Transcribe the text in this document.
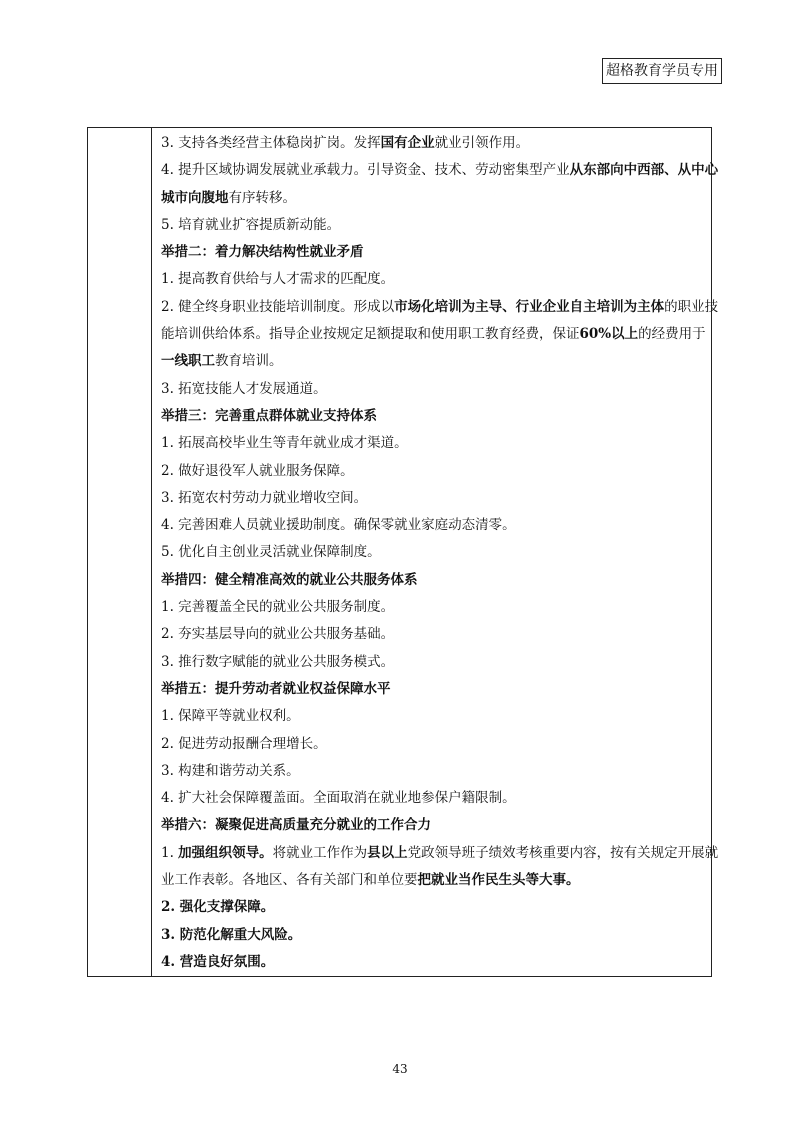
超格教育学员专用
3. 支持各类经营主体稳岗扩岗。发挥国有企业就业引领作用。
4. 提升区域协调发展就业承载力。引导资金、技术、劳动密集型产业从东部向中西部、从中心
城市向腹地有序转移。
5. 培育就业扩容提质新动能。
举措二：着力解决结构性就业矛盾
1. 提高教育供给与人才需求的匹配度。
2. 健全终身职业技能培训制度。形成以市场化培训为主导、行业企业自主培训为主体的职业技
能培训供给体系。指导企业按规定足额提取和使用职工教育经费，保证60%以上的经费用于
一线职工教育培训。
3. 拓宽技能人才发展通道。
举措三：完善重点群体就业支持体系
1. 拓展高校毕业生等青年就业成才渠道。
2. 做好退役军人就业服务保障。
3. 拓宽农村劳动力就业增收空间。
4. 完善困难人员就业援助制度。确保零就业家庭动态清零。
5. 优化自主创业灵活就业保障制度。
举措四：健全精准高效的就业公共服务体系
1. 完善覆盖全民的就业公共服务制度。
2. 夯实基层导向的就业公共服务基础。
3. 推行数字赋能的就业公共服务模式。
举措五：提升劳动者就业权益保障水平
1. 保障平等就业权利。
2. 促进劳动报酬合理增长。
3. 构建和谐劳动关系。
4. 扩大社会保障覆盖面。全面取消在就业地参保户籍限制。
举措六：凝聚促进高质量充分就业的工作合力
1. 加强组织领导。将就业工作作为县以上党政领导班子绩效考核重要内容，按有关规定开展就
业工作表彰。各地区、各有关部门和单位要把就业当作民生头等大事。
2. 强化支撑保障。
3. 防范化解重大风险。
4. 营造良好氛围。
43
